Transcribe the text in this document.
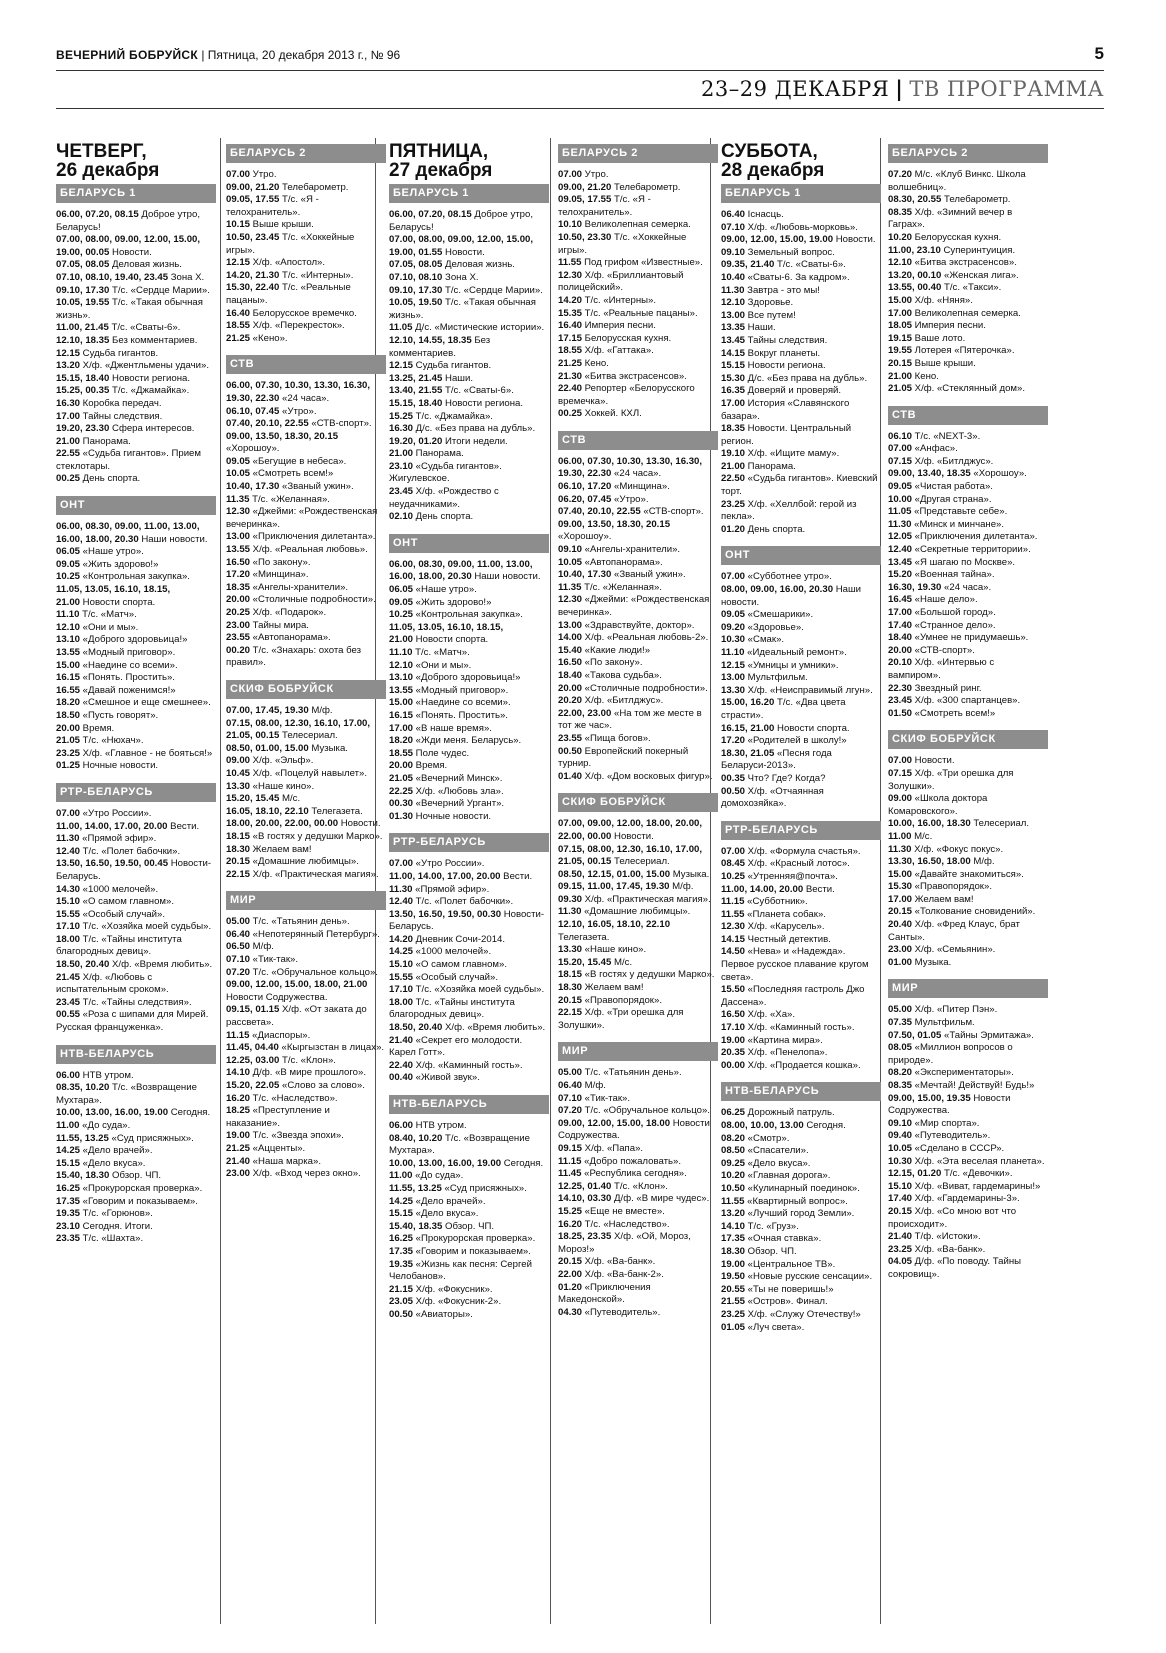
ВЕЧЕРНИЙ БОБРУЙСК | Пятница, 20 декабря 2013 г., № 96	5
23–29 ДЕКАБРЯ | ТВ ПРОГРАММА
ЧЕТВЕРГ,
26 декабря
БЕЛАРУСЬ 1
06.00, 07.20, 08.15 Доброе утро, Беларусь!
07.00, 08.00, 09.00, 12.00, 15.00, 19.00, 00.05 Новости.
07.05, 08.05 Деловая жизнь.
07.10, 08.10, 19.40, 23.45 Зона Х.
09.10, 17.30 Т/с. «Сердце Марии».
10.05, 19.55 Т/с. «Такая обычная жизнь».
11.00, 21.45 Т/с. «Сваты-6».
12.10, 18.35 Без комментариев.
12.15 Судьба гигантов.
13.20 Х/ф. «Джентльмены удачи».
15.15, 18.40 Новости региона.
15.25, 00.35 Т/с. «Джамайка».
16.30 Коробка передач.
17.00 Тайны следствия.
19.20, 23.30 Сфера интересов.
21.00 Панорама.
22.55 «Судьба гигантов». Прием стеклотары.
00.25 День спорта.
ОНТ
06.00, 08.30, 09.00, 11.00, 13.00, 16.00, 18.00, 20.30 Наши новости.
06.05 «Наше утро».
09.05 «Жить здорово!»
10.25 «Контрольная закупка».
11.05, 13.05, 16.10, 18.15,
21.00 Новости спорта.
11.10 Т/с. «Матч».
12.10 «Они и мы».
13.10 «Доброго здоровьица!»
13.55 «Модный приговор».
15.00 «Наедине со всеми».
16.15 «Понять. Простить».
16.55 «Давай поженимся!»
18.20 «Смешное и еще смешнее».
18.50 «Пусть говорят».
20.00 Время.
21.05 Т/с. «Нюхач».
23.25 Х/ф. «Главное - не бояться!»
01.25 Ночные новости.
РТР-БЕЛАРУСЬ
07.00 «Утро России».
11.00, 14.00, 17.00, 20.00 Вести.
11.30 «Прямой эфир».
12.40 Т/с. «Полет бабочки».
13.50, 16.50, 19.50, 00.45 Новости-Беларусь.
14.30 «1000 мелочей».
15.10 «О самом главном».
15.55 «Особый случай».
17.10 Т/с. «Хозяйка моей судьбы».
18.00 Т/с. «Тайны института благородных девиц».
18.50, 20.40 Х/ф. «Время любить».
21.45 Х/ф. «Любовь с испытательным сроком».
23.45 Т/с. «Тайны следствия».
00.55 «Роза с шипами для Мирей. Русская француженка».
НТВ-БЕЛАРУСЬ
06.00 НТВ утром.
08.35, 10.20 Т/с. «Возвращение Мухтара».
10.00, 13.00, 16.00, 19.00 Сегодня.
11.00 «До суда».
11.55, 13.25 «Суд присяжных».
14.25 «Дело врачей».
15.15 «Дело вкуса».
15.40, 18.30 Обзор. ЧП.
16.25 «Прокурорская проверка».
17.35 «Говорим и показываем».
19.35 Т/с. «Горюнов».
23.10 Сегодня. Итоги.
23.35 Т/с. «Шахта».
БЕЛАРУСЬ 2
07.00 Утро.
09.00, 21.20 Телебарометр.
09.05, 17.55 Т/с. «Я - телохранитель».
10.15 Выше крыши.
10.50, 23.45 Т/с. «Хоккейные игры».
12.15 Х/ф. «Апостол».
14.20, 21.30 Т/с. «Интерны».
15.30, 22.40 Т/с. «Реальные пацаны».
16.40 Белорусское времечко.
18.55 Х/ф. «Перекресток».
21.25 «Кено».
СТВ
06.00, 07.30, 10.30, 13.30, 16.30, 19.30, 22.30 «24 часа».
06.10, 07.45 «Утро».
07.40, 20.10, 22.55 «СТВ-спорт».
09.00, 13.50, 18.30, 20.15 «Хорошоу».
09.05 «Бегущие в небеса».
10.05 «Смотреть всем!»
10.40, 17.30 «Званый ужин».
11.35 Т/с. «Желанная».
12.30 «Джейми: «Рождественская вечеринка».
13.00 «Приключения дилетанта».
13.55 Х/ф. «Реальная любовь».
16.50 «По закону».
17.20 «Минщина».
18.35 «Ангелы-хранители».
20.00 «Столичные подробности».
20.25 Х/ф. «Подарок».
23.00 Тайны мира.
23.55 «Автопанорама».
00.20 Т/с. «Знахарь: охота без правил».
СКИФ БОБРУЙСК
07.00, 17.45, 19.30 М/ф.
07.15, 08.00, 12.30, 16.10, 17.00, 21.05, 00.15 Телесериал.
08.50, 01.00, 15.00 Музыка.
09.00 Х/ф. «Эльф».
10.45 Х/ф. «Поцелуй навылет».
13.30 «Наше кино».
15.20, 15.45 М/с.
16.05, 18.10, 22.10 Телегазета.
18.00, 20.00, 22.00, 00.00 Новости.
18.15 «В гостях у дедушки Марко».
18.30 Желаем вам!
20.15 «Домашние любимцы».
22.15 Х/ф. «Практическая магия».
МИР
05.00 Т/с. «Татьянин день».
06.40 «Непотерянный Петербург».
06.50 М/ф.
07.10 «Тик-так».
07.20 Т/с. «Обручальное кольцо».
09.00, 12.00, 15.00, 18.00, 21.00 Новости Содружества.
09.15, 01.15 Х/ф. «От заката до рассвета».
11.15 «Диаспоры».
11.45, 04.40 «Кыргызстан в лицах».
12.25, 03.00 Т/с. «Клон».
14.10 Д/ф. «В мире прошлого».
15.20, 22.05 «Слово за слово».
16.20 Т/с. «Наследство».
18.25 «Преступление и наказание».
19.00 Т/с. «Звезда эпохи».
21.25 «Ацценты».
21.40 «Наша марка».
23.00 Х/ф. «Вход через окно».
ПЯТНИЦА,
27 декабря
БЕЛАРУСЬ 1
06.00, 07.20, 08.15 Доброе утро, Беларусь!
07.00, 08.00, 09.00, 12.00, 15.00, 19.00, 01.55 Новости.
07.05, 08.05 Деловая жизнь.
07.10, 08.10 Зона Х.
09.10, 17.30 Т/с. «Сердце Марии».
10.05, 19.50 Т/с. «Такая обычная жизнь».
11.05 Д/с. «Мистические истории».
12.10, 14.55, 18.35 Без комментариев.
12.15 Судьба гигантов.
13.25, 21.45 Наши.
13.40, 21.55 Т/с. «Сваты-6».
15.15, 18.40 Новости региона.
15.25 Т/с. «Джамайка».
16.30 Д/с. «Без права на дубль».
19.20, 01.20 Итоги недели.
21.00 Панорама.
23.10 «Судьба гигантов». Жигулевское.
23.45 Х/ф. «Рождество с неудачниками».
02.10 День спорта.
ОНТ
06.00, 08.30, 09.00, 11.00, 13.00, 16.00, 18.00, 20.30 Наши новости.
06.05 «Наше утро».
09.05 «Жить здорово!»
10.25 «Контрольная закупка».
11.05, 13.05, 16.10, 18.15,
21.00 Новости спорта.
11.10 Т/с. «Матч».
12.10 «Они и мы».
13.10 «Доброго здоровьица!»
13.55 «Модный приговор».
15.00 «Наедине со всеми».
16.15 «Понять. Простить».
17.00 «В наше время».
18.20 «Жди меня. Беларусь».
18.55 Поле чудес.
20.00 Время.
21.05 «Вечерний Минск».
22.25 Х/ф. «Любовь зла».
00.30 «Вечерний Ургант».
01.30 Ночные новости.
РТР-БЕЛАРУСЬ
07.00 «Утро России».
11.00, 14.00, 17.00, 20.00 Вести.
11.30 «Прямой эфир».
12.40 Т/с. «Полет бабочки».
13.50, 16.50, 19.50, 00.30 Новости-Беларусь.
14.20 Дневник Сочи-2014.
14.25 «1000 мелочей».
15.10 «О самом главном».
15.55 «Особый случай».
17.10 Т/с. «Хозяйка моей судьбы».
18.00 Т/с. «Тайны института благородных девиц».
18.50, 20.40 Х/ф. «Время любить».
21.40 «Секрет его молодости. Карел Готт».
22.40 Х/ф. «Каминный гость».
00.40 «Живой звук».
НТВ-БЕЛАРУСЬ
06.00 НТВ утром.
08.40, 10.20 Т/с. «Возвращение Мухтара».
10.00, 13.00, 16.00, 19.00 Сегодня.
11.00 «До суда».
11.55, 13.25 «Суд присяжных».
14.25 «Дело врачей».
15.15 «Дело вкуса».
15.40, 18.35 Обзор. ЧП.
16.25 «Прокурорская проверка».
17.35 «Говорим и показываем».
19.35 «Жизнь как песня: Сергей Челобанов».
21.15 Х/ф. «Фокусник».
23.05 Х/ф. «Фокусник-2».
00.50 «Авиаторы».
БЕЛАРУСЬ 2
07.00 Утро.
09.00, 21.20 Телебарометр.
09.05, 17.55 Т/с. «Я - телохранитель».
10.10 Великолепная семерка.
10.50, 23.30 Т/с. «Хоккейные игры».
11.55 Под грифом «Известные».
12.30 Х/ф. «Бриллиантовый полицейский».
14.20 Т/с. «Интерны».
15.35 Т/с. «Реальные пацаны».
16.40 Империя песни.
17.15 Белорусская кухня.
18.55 Х/ф. «Гаттака».
21.25 Кено.
21.30 «Битва экстрасенсов».
22.40 Репортер «Белорусского времечка».
00.25 Хоккей. КХЛ.
СТВ
06.00, 07.30, 10.30, 13.30, 16.30, 19.30, 22.30 «24 часа».
06.10, 17.20 «Минщина».
06.20, 07.45 «Утро».
07.40, 20.10, 22.55 «СТВ-спорт».
09.00, 13.50, 18.30, 20.15 «Хорошоу».
09.10 «Ангелы-хранители».
10.05 «Автопанорама».
10.40, 17.30 «Званый ужин».
11.35 Т/с. «Желанная».
12.30 «Джейми: «Рождественская вечеринка».
13.00 «Здравствуйте, доктор».
14.00 Х/ф. «Реальная любовь-2».
15.40 «Какие люди!»
16.50 «По закону».
18.40 «Такова судьба».
20.00 «Столичные подробности».
20.20 Х/ф. «Битлджус».
22.00, 23.00 «На том же месте в тот же час».
23.55 «Пища богов».
00.50 Европейский покерный турнир.
01.40 Х/ф. «Дом восковых фигур».
СКИФ БОБРУЙСК
07.00, 09.00, 12.00, 18.00, 20.00, 22.00, 00.00 Новости.
07.15, 08.00, 12.30, 16.10, 17.00, 21.05, 00.15 Телесериал.
08.50, 12.15, 01.00, 15.00 Музыка.
09.15, 11.00, 17.45, 19.30 М/ф.
09.30 Х/ф. «Практическая магия».
11.30 «Домашние любимцы».
12.10, 16.05, 18.10, 22.10 Телегазета.
13.30 «Наше кино».
15.20, 15.45 М/с.
18.15 «В гостях у дедушки Марко».
18.30 Желаем вам!
20.15 «Правопорядок».
22.15 Х/ф. «Три орешка для Золушки».
МИР
05.00 Т/с. «Татьянин день».
06.40 М/ф.
07.10 «Тик-так».
07.20 Т/с. «Обручальное кольцо».
09.00, 12.00, 15.00, 18.00 Новости Содружества.
09.15 Х/ф. «Папа».
11.15 «Добро пожаловать».
11.45 «Республика сегодня».
12.25, 01.40 Т/с. «Клон».
14.10, 03.30 Д/ф. «В мире чудес».
15.25 «Еще не вместе».
16.20 Т/с. «Наследство».
18.25, 23.35 Х/ф. «Ой, Мороз, Мороз!»
20.15 Х/ф. «Ва-банк».
22.00 Х/ф. «Ва-банк-2».
01.20 «Приключения Македонской».
04.30 «Путеводитель».
СУББОТА,
28 декабря
БЕЛАРУСЬ 1
06.40 Існасць.
07.10 Х/ф. «Любовь-морковь».
09.00, 12.00, 15.00, 19.00 Новости.
09.10 Земельный вопрос.
09.35, 21.40 Т/с. «Сваты-6».
10.40 «Сваты-6. За кадром».
11.30 Завтра - это мы!
12.10 Здоровье.
13.00 Все путем!
13.35 Наши.
13.45 Тайны следствия.
14.15 Вокруг планеты.
15.15 Новости региона.
15.30 Д/с. «Без права на дубль».
16.35 Доверяй и проверяй.
17.00 История «Славянского базара».
18.35 Новости. Центральный регион.
19.10 Х/ф. «Ищите маму».
21.00 Панорама.
22.50 «Судьба гигантов». Киевский торт.
23.25 Х/ф. «Хеллбой: герой из пекла».
01.20 День спорта.
ОНТ
07.00 «Субботнее утро».
08.00, 09.00, 16.00, 20.30 Наши новости.
09.05 «Смешарики».
09.20 «Здоровье».
10.30 «Смак».
11.10 «Идеальный ремонт».
12.15 «Умницы и умники».
13.00 Мультфильм.
13.30 Х/ф. «Неисправимый лгун».
15.00, 16.20 Т/с. «Два цвета страсти».
16.15, 21.00 Новости спорта.
17.20 «Родителей в школу!»
18.30, 21.05 «Песня года Беларуси-2013».
00.35 Что? Где? Когда?
00.50 Х/ф. «Отчаянная домохозяйка».
РТР-БЕЛАРУСЬ
07.00 Х/ф. «Формула счастья».
08.45 Х/ф. «Красный лотос».
10.25 «Утренняя@почта».
11.00, 14.00, 20.00 Вести.
11.15 «Субботник».
11.55 «Планета собак».
12.30 Х/ф. «Карусель».
14.15 Честный детектив.
14.50 «Нева» и «Надежда». Первое русское плавание кругом света».
15.50 «Последняя гастроль Джо Дассена».
16.50 Х/ф. «Ха».
17.10 Х/ф. «Каминный гость».
19.00 «Картина мира».
20.35 Х/ф. «Пенелопа».
00.00 Х/ф. «Продается кошка».
НТВ-БЕЛАРУСЬ
06.25 Дорожный патруль.
08.00, 10.00, 13.00 Сегодня.
08.20 «Смотр».
08.50 «Спасатели».
09.25 «Дело вкуса».
10.20 «Главная дорога».
10.50 «Кулинарный поединок».
11.55 «Квартирный вопрос».
13.20 «Лучший город Земли».
14.10 Т/с. «Груз».
17.35 «Очная ставка».
18.30 Обзор. ЧП.
19.00 «Центральное ТВ».
19.50 «Новые русские сенсации».
20.55 «Ты не поверишь!»
21.55 «Остров». Финал.
23.25 Х/ф. «Служу Отечеству!»
01.05 «Луч света».
БЕЛАРУСЬ 2
07.20 М/с. «Клуб Винкс. Школа волшебниц».
08.30, 20.55 Телебарометр.
08.35 Х/ф. «Зимний вечер в Гаграх».
10.20 Белорусская кухня.
11.00, 23.10 Суперинтуиция.
12.10 «Битва экстрасенсов».
13.20, 00.10 «Женская лига».
13.55, 00.40 Т/с. «Такси».
15.00 Х/ф. «Няня».
17.00 Великолепная семерка.
18.05 Империя песни.
19.15 Ваше лото.
19.55 Лотерея «Пятерочка».
20.15 Выше крыши.
21.00 Кено.
21.05 Х/ф. «Стеклянный дом».
СТВ
06.10 Т/с. «NEXT-3».
07.00 «Анфас».
07.15 Х/ф. «Битлджус».
09.00, 13.40, 18.35 «Хорошоу».
09.05 «Чистая работа».
10.00 «Другая страна».
11.05 «Представьте себе».
11.30 «Минск и минчане».
12.05 «Приключения дилетанта».
12.40 «Секретные территории».
13.45 «Я шагаю по Москве».
15.20 «Военная тайна».
16.30, 19.30 «24 часа».
16.45 «Наше дело».
17.00 «Большой город».
17.40 «Странное дело».
18.40 «Умнее не придумаешь».
20.00 «СТВ-спорт».
20.10 Х/ф. «Интервью с вампиром».
22.30 Звездный ринг.
23.45 Х/ф. «300 спартанцев».
01.50 «Смотреть всем!»
СКИФ БОБРУЙСК
07.00 Новости.
07.15 Х/ф. «Три орешка для Золушки».
09.00 «Школа доктора Комаровского».
10.00, 16.00, 18.30 Телесериал.
11.00 М/с.
11.30 Х/ф. «Фокус покус».
13.30, 16.50, 18.00 М/ф.
15.00 «Давайте знакомиться».
15.30 «Правопорядок».
17.00 Желаем вам!
20.15 «Толкование сновидений».
20.40 Х/ф. «Фред Клаус, брат Санты».
23.00 Х/ф. «Семьянин».
01.00 Музыка.
МИР
05.00 Х/ф. «Питер Пэн».
07.35 Мультфильм.
07.50, 01.05 «Тайны Эрмитажа».
08.05 «Миллион вопросов о природе».
08.20 «Экспериментаторы».
08.35 «Мечтай! Действуй! Будь!»
09.00, 15.00, 19.35 Новости Содружества.
09.10 «Мир спорта».
09.40 «Путеводитель».
10.05 «Сделано в СССР».
10.30 Х/ф. «Эта веселая планета».
12.15, 01.20 Т/с. «Девочки».
15.10 Х/ф. «Виват, гардемарины!»
17.40 Х/ф. «Гардемарины-3».
20.15 Х/ф. «Со мною вот что происходит».
21.40 Т/ф. «Истоки».
23.25 Х/ф. «Ва-банк».
04.05 Д/ф. «По поводу. Тайны сокровищ».
